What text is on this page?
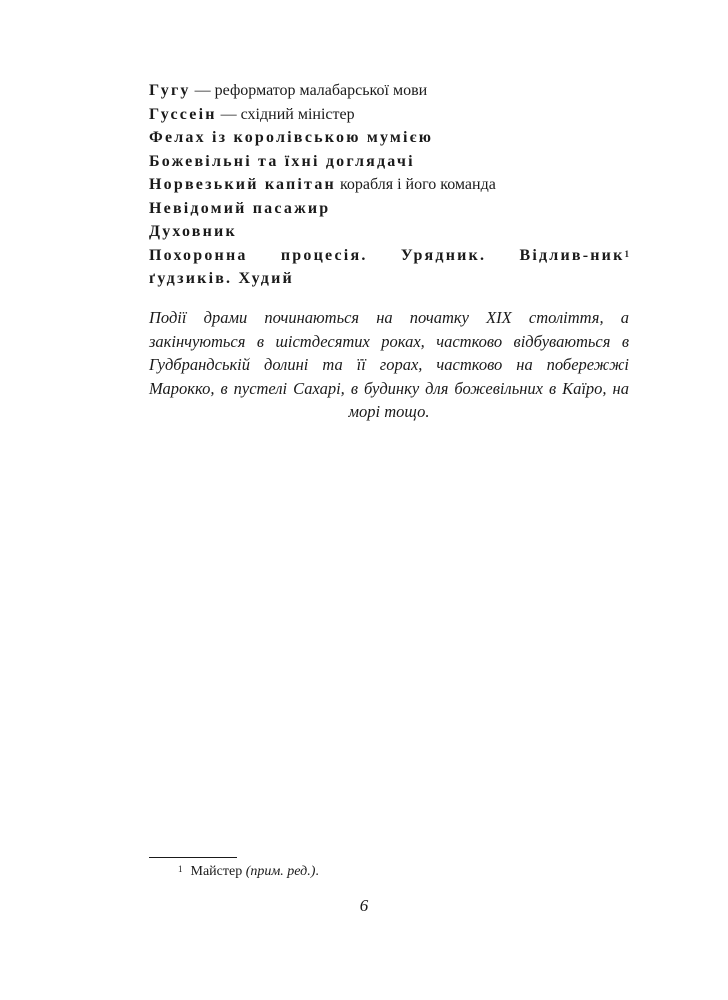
Гугу — реформатор малабарської мови
Гуссеін — східний міністер
Фелах із королівською мумією
Божевільні та їхні доглядачі
Норвезький капітан корабля і його команда
Невідомий пасажир
Духовник
Похоронна процесія. Урядник. Відлив-ник$^1$ ґудзиків. Худий
Події драми починаються на початку XIX століття, а закінчуються в шістдесятих роках, частково відбуваються в Гудбрандській долині та її горах, частково на побережжі Марокко, в пустелі Сахарі, в будинку для божевільних в Каїро, на морі тощо.
$^1$ Майстер (прим. ред.).
6
